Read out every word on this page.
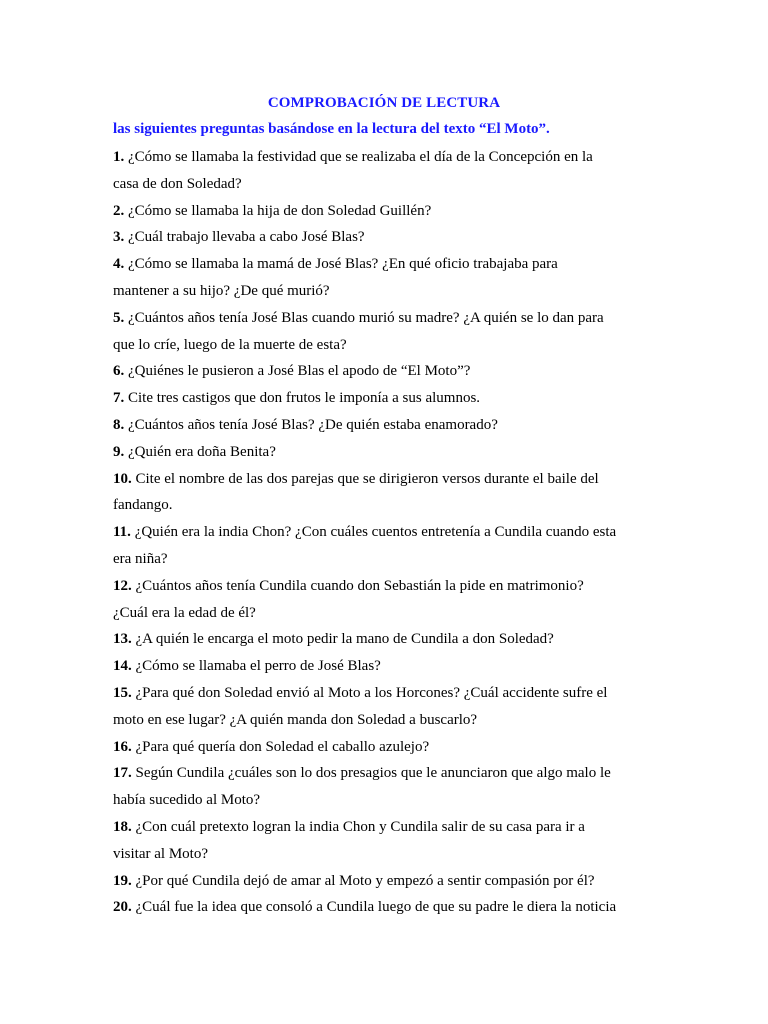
COMPROBACIÓN DE LECTURA
las siguientes preguntas basándose en la lectura del texto “El Moto”.
1. ¿Cómo se llamaba la festividad que se realizaba el día de la Concepción en la
casa de don Soledad?
2. ¿Cómo se llamaba la hija de don Soledad Guillén?
3. ¿Cuál trabajo llevaba a cabo José Blas?
4. ¿Cómo se llamaba la mamá de José Blas? ¿En qué oficio trabajaba para
mantener a su hijo? ¿De qué murió?
5. ¿Cuántos años tenía José Blas cuando murió su madre? ¿A quién se lo dan para
que lo críe, luego de la muerte de esta?
6. ¿Quiénes le pusieron a José Blas el apodo de “El Moto”?
7. Cite tres castigos que don frutos le imponía a sus alumnos.
8. ¿Cuántos años tenía José Blas? ¿De quién estaba enamorado?
9. ¿Quién era doña Benita?
10. Cite el nombre de las dos parejas que se dirigieron versos durante el baile del
fandango.
11. ¿Quién era la india Chon? ¿Con cuáles cuentos entretenía a Cundila cuando esta
era niña?
12. ¿Cuántos años tenía Cundila cuando don Sebastián la pide en matrimonio?
¿Cuál era la edad de él?
13. ¿A quién le encarga el moto pedir la mano de Cundila a don Soledad?
14. ¿Cómo se llamaba el perro de José Blas?
15. ¿Para qué don Soledad envió al Moto a los Horcones? ¿Cuál accidente sufre el
moto en ese lugar? ¿A quién manda don Soledad a buscarlo?
16. ¿Para qué quería don Soledad el caballo azulejo?
17. Según Cundila ¿cuáles son lo dos presagios que le anunciaron que algo malo le
había sucedido al Moto?
18. ¿Con cuál pretexto logran la india Chon y Cundila salir de su casa para ir a
visitar al Moto?
19. ¿Por qué Cundila dejó de amar al Moto y empezó a sentir compasión por él?
20. ¿Cuál fue la idea que consoló a Cundila luego de que su padre le diera la noticia
